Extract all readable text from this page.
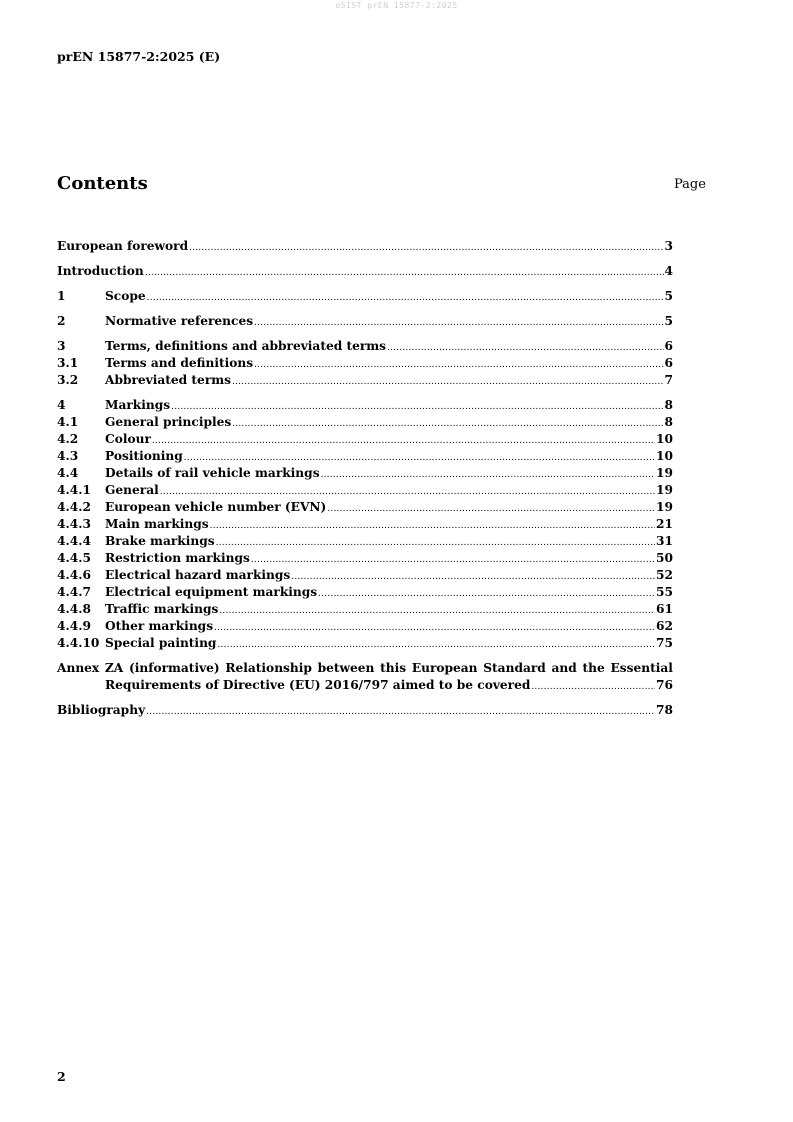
oSIST prEN 15877-2:2025
prEN 15877-2:2025 (E)
Contents	Page
European foreword .....	3
Introduction .....	4
1	Scope .....	5
2	Normative references .....	5
3	Terms, definitions and abbreviated terms .....	6
3.1	Terms and definitions .....	6
3.2	Abbreviated terms .....	7
4	Markings .....	8
4.1	General principles .....	8
4.2	Colour .....	10
4.3	Positioning .....	10
4.4	Details of rail vehicle markings .....	19
4.4.1	General .....	19
4.4.2	European vehicle number (EVN) .....	19
4.4.3	Main markings .....	21
4.4.4	Brake markings .....	31
4.4.5	Restriction markings .....	50
4.4.6	Electrical hazard markings .....	52
4.4.7	Electrical equipment markings .....	55
4.4.8	Traffic markings .....	61
4.4.9	Other markings .....	62
4.4.10 Special painting .....	75
Annex ZA (informative) Relationship between this European Standard and the Essential
Requirements of Directive (EU) 2016/797 aimed to be covered .....	76
Bibliography .....	78
2
